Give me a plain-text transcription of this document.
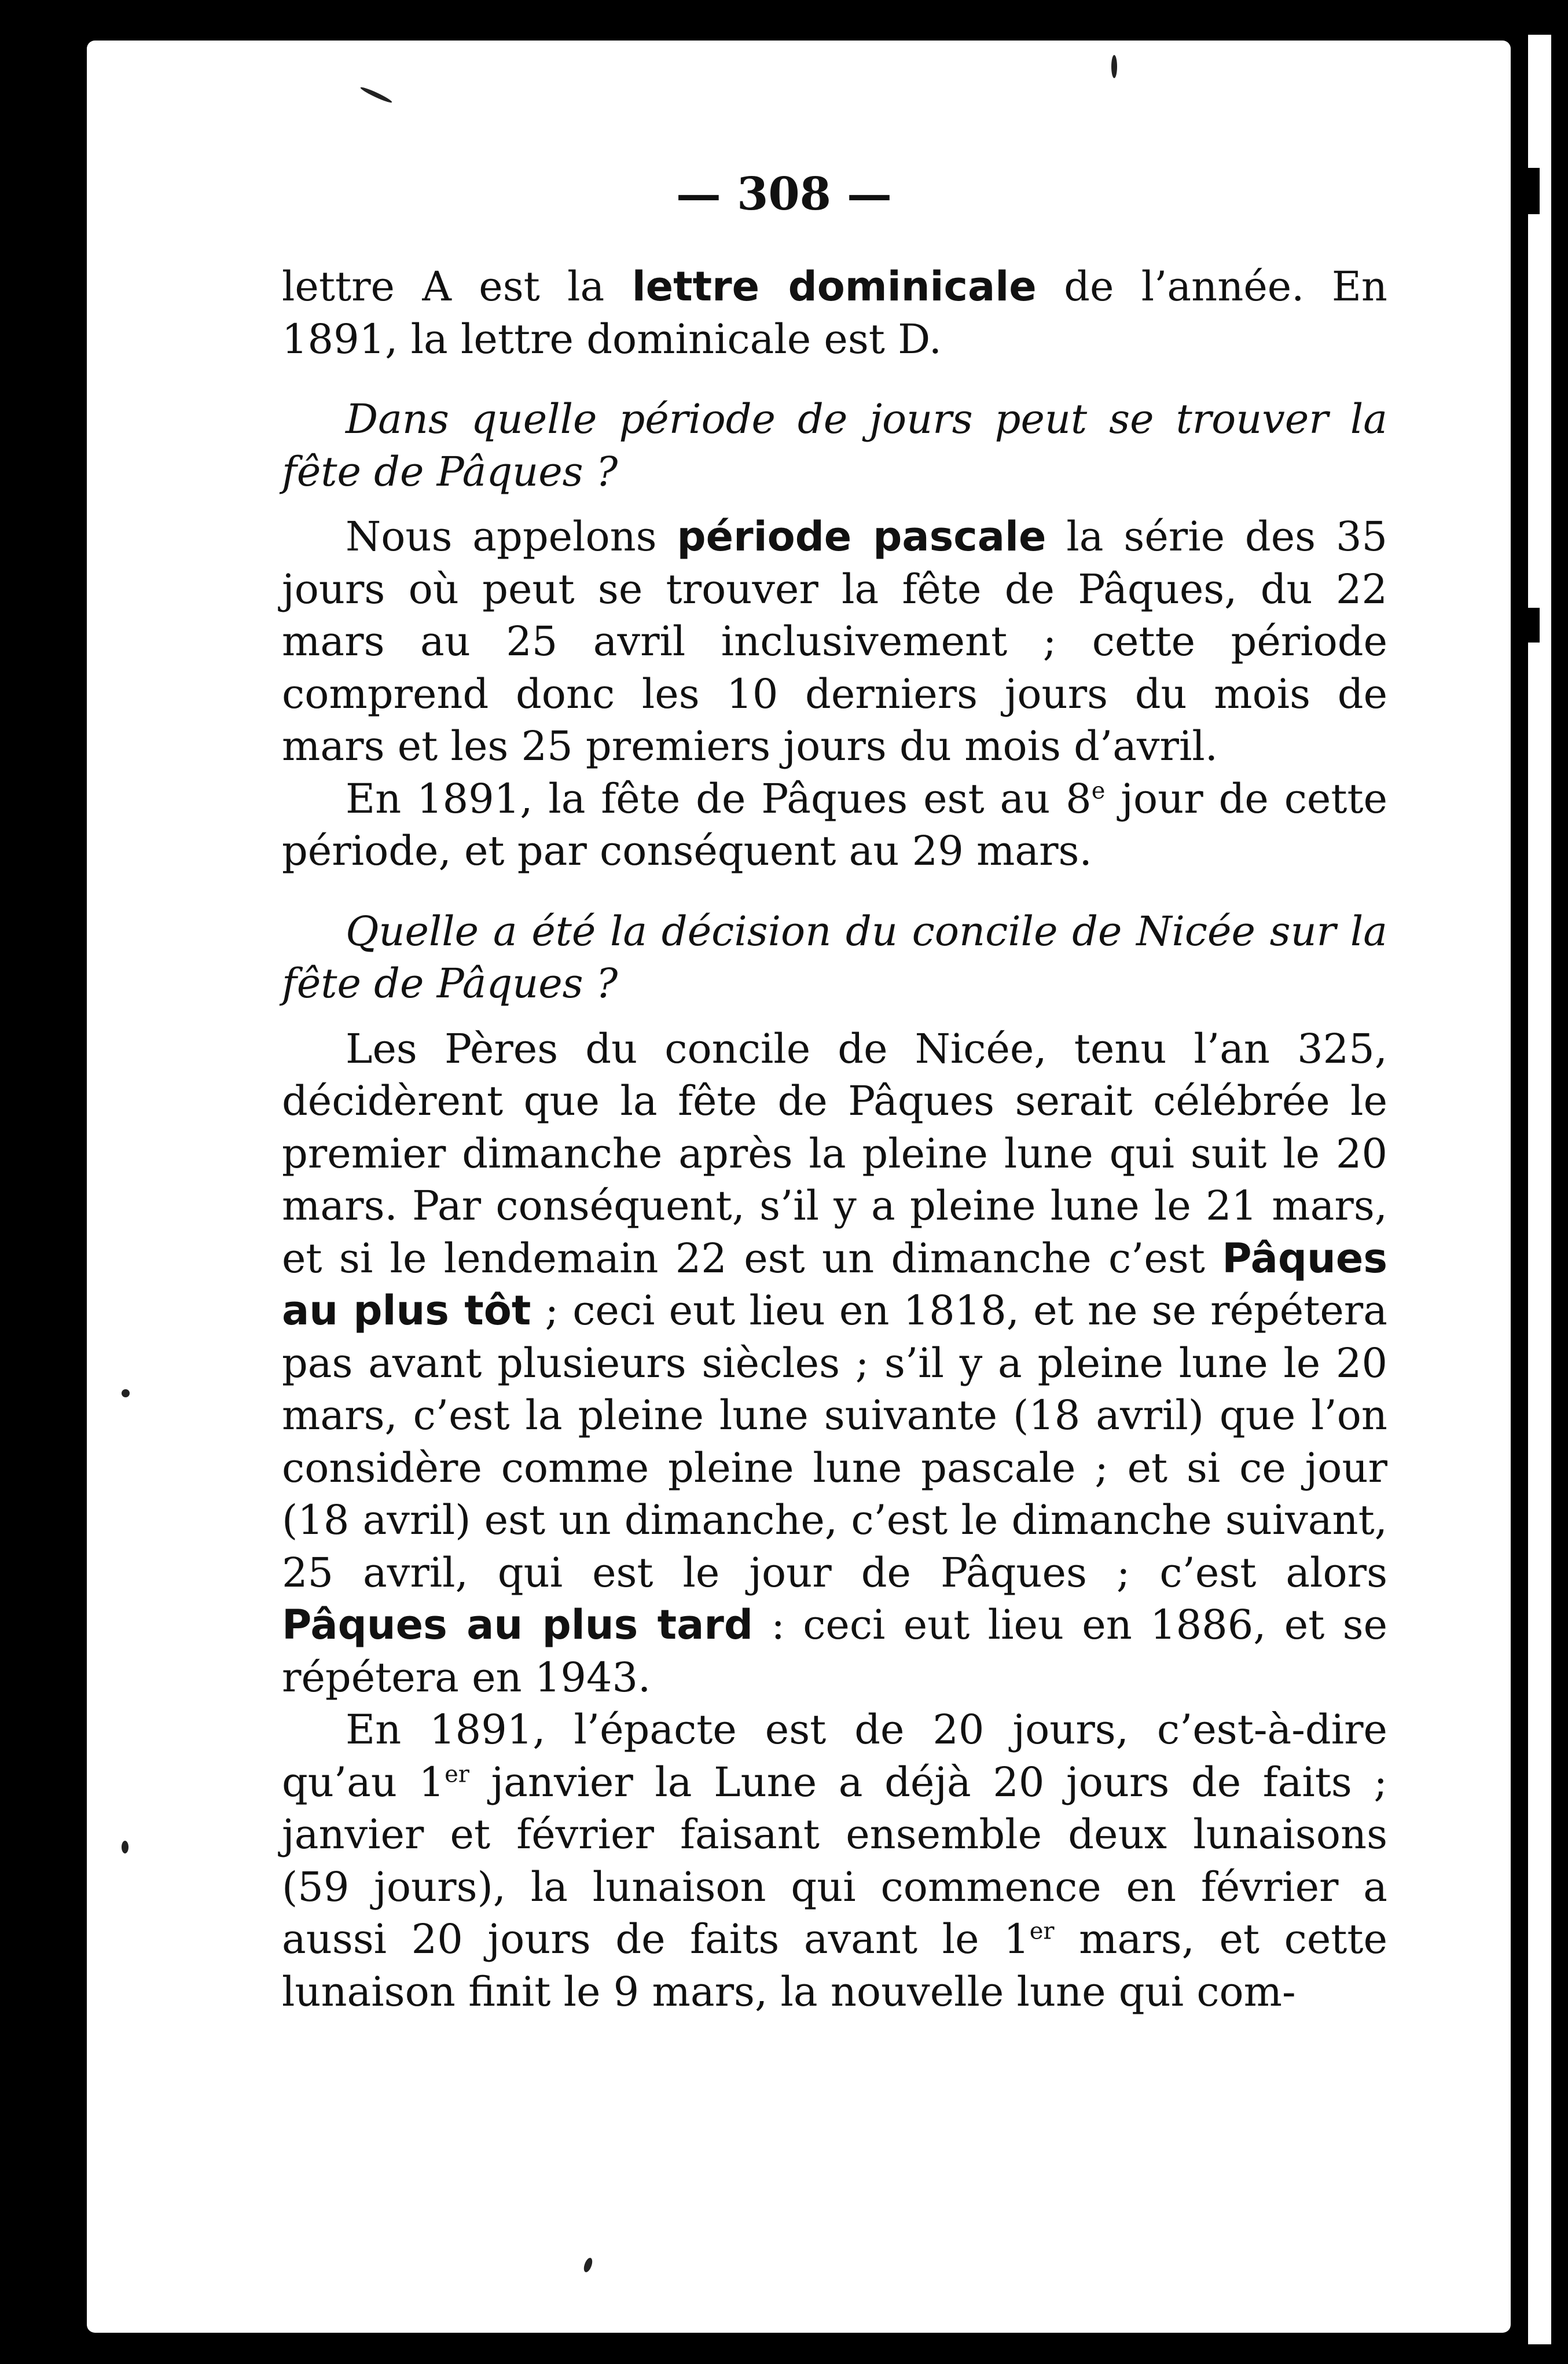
— 308 —

lettre A est la lettre dominicale de l’année. En 1891, la lettre dominicale est D.

Dans quelle période de jours peut se trouver la fête de Pâques ?

Nous appelons période pascale la série des 35 jours où peut se trouver la fête de Pâques, du 22 mars au 25 avril inclusivement ; cette période comprend donc les 10 derniers jours du mois de mars et les 25 premiers jours du mois d’avril.

En 1891, la fête de Pâques est au 8e jour de cette période, et par conséquent au 29 mars.

Quelle a été la décision du concile de Nicée sur la fête de Pâques ?

Les Pères du concile de Nicée, tenu l’an 325, décidèrent que la fête de Pâques serait célébrée le premier dimanche après la pleine lune qui suit le 20 mars. Par conséquent, s’il y a pleine lune le 21 mars, et si le lendemain 22 est un dimanche c’est Pâques au plus tôt ; ceci eut lieu en 1818, et ne se répétera pas avant plusieurs siècles ; s’il y a pleine lune le 20 mars, c’est la pleine lune suivante (18 avril) que l’on considère comme pleine lune pascale ; et si ce jour (18 avril) est un dimanche, c’est le dimanche suivant, 25 avril, qui est le jour de Pâques ; c’est alors Pâques au plus tard : ceci eut lieu en 1886, et se répétera en 1943.

En 1891, l’épacte est de 20 jours, c’est-à-dire qu’au 1er janvier la Lune a déjà 20 jours de faits ; janvier et février faisant ensemble deux lunaisons (59 jours), la lunaison qui commence en février a aussi 20 jours de faits avant le 1er mars, et cette lunaison finit le 9 mars, la nouvelle lune qui com-
